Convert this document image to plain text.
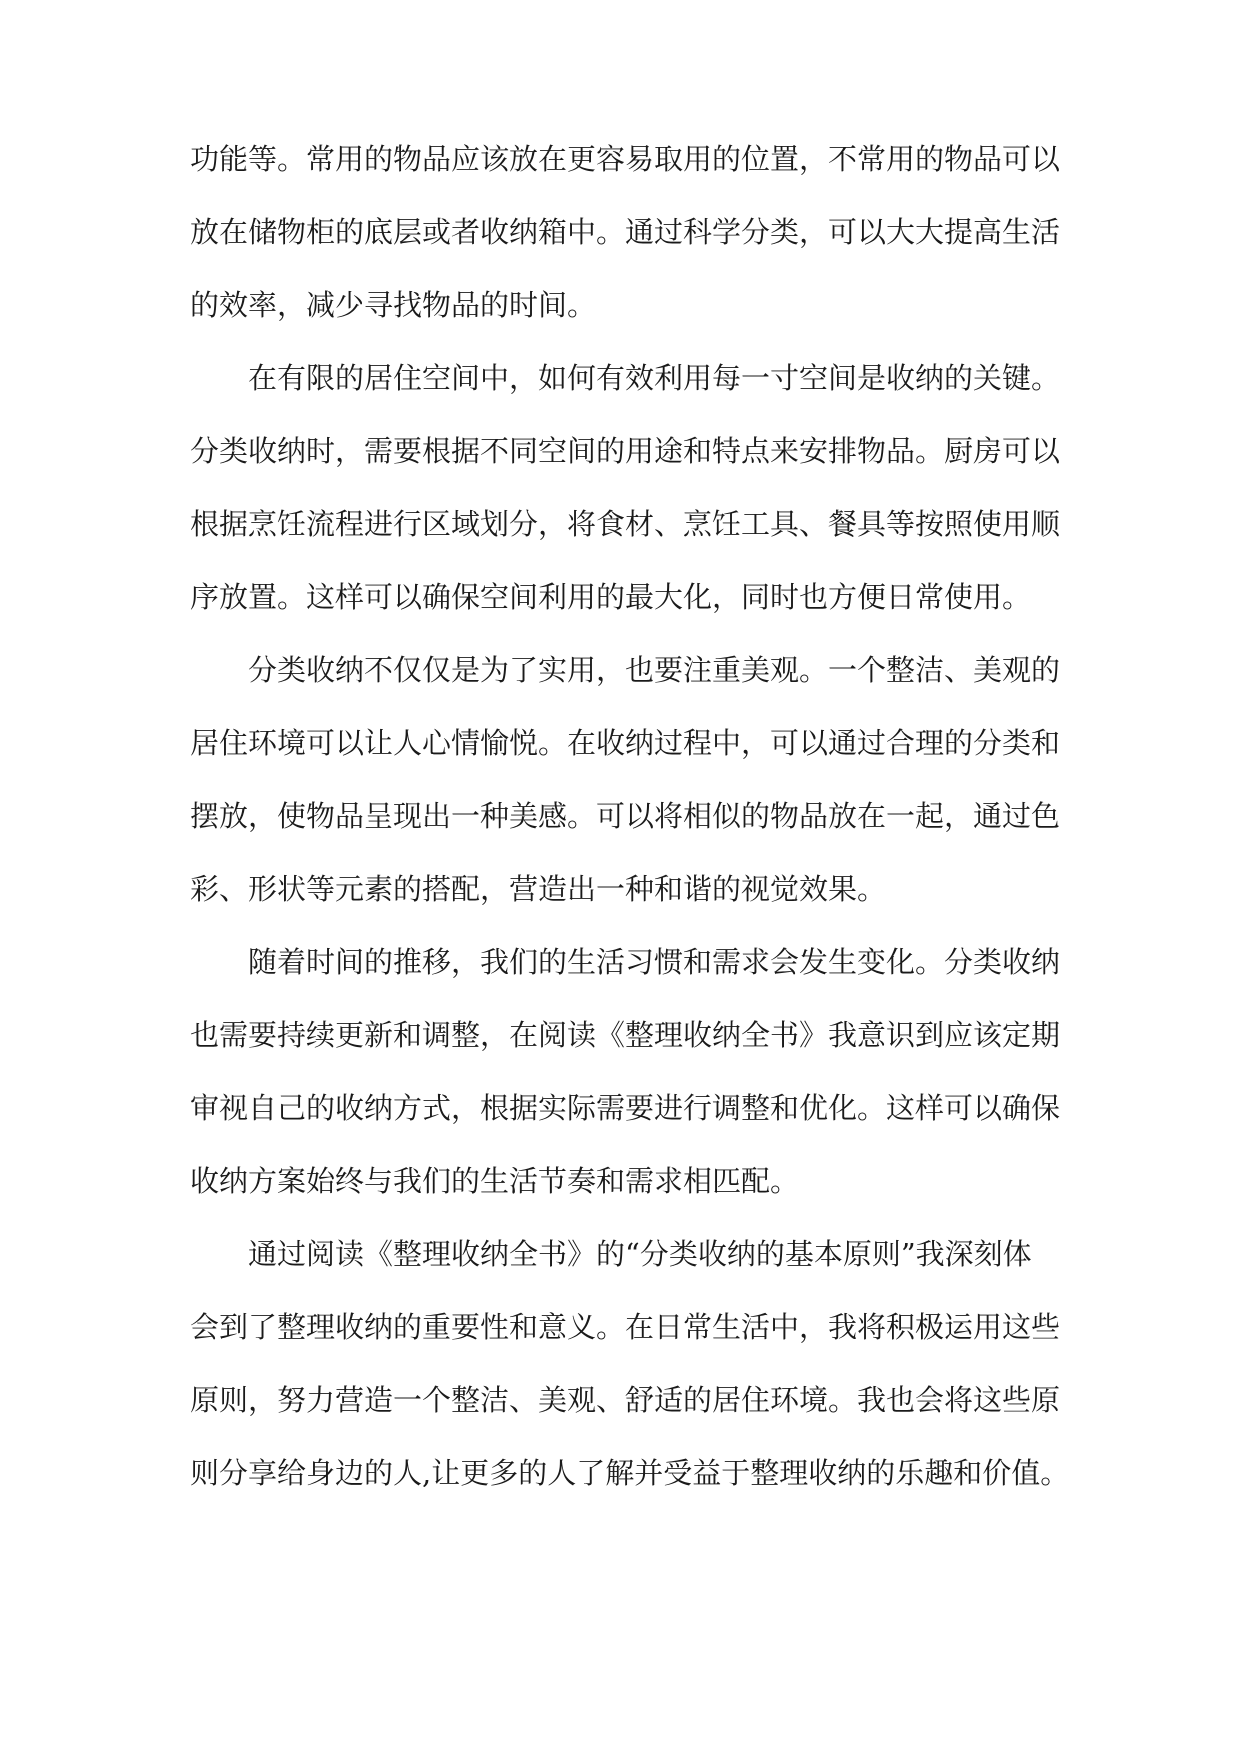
功能等。常用的物品应该放在更容易取用的位置，不常用的物品可以
放在储物柜的底层或者收纳箱中。通过科学分类，可以大大提高生活
的效率，减少寻找物品的时间。
在有限的居住空间中，如何有效利用每一寸空间是收纳的关键。
分类收纳时，需要根据不同空间的用途和特点来安排物品。厨房可以
根据烹饪流程进行区域划分，将食材、烹饪工具、餐具等按照使用顺
序放置。这样可以确保空间利用的最大化，同时也方便日常使用。
分类收纳不仅仅是为了实用，也要注重美观。一个整洁、美观的
居住环境可以让人心情愉悦。在收纳过程中，可以通过合理的分类和
摆放，使物品呈现出一种美感。可以将相似的物品放在一起，通过色
彩、形状等元素的搭配，营造出一种和谐的视觉效果。
随着时间的推移，我们的生活习惯和需求会发生变化。分类收纳
也需要持续更新和调整，在阅读《整理收纳全书》我意识到应该定期
审视自己的收纳方式，根据实际需要进行调整和优化。这样可以确保
收纳方案始终与我们的生活节奏和需求相匹配。
通过阅读《整理收纳全书》的“分类收纳的基本原则”我深刻体
会到了整理收纳的重要性和意义。在日常生活中，我将积极运用这些
原则，努力营造一个整洁、美观、舒适的居住环境。我也会将这些原
则分享给身边的人,让更多的人了解并受益于整理收纳的乐趣和价值。
